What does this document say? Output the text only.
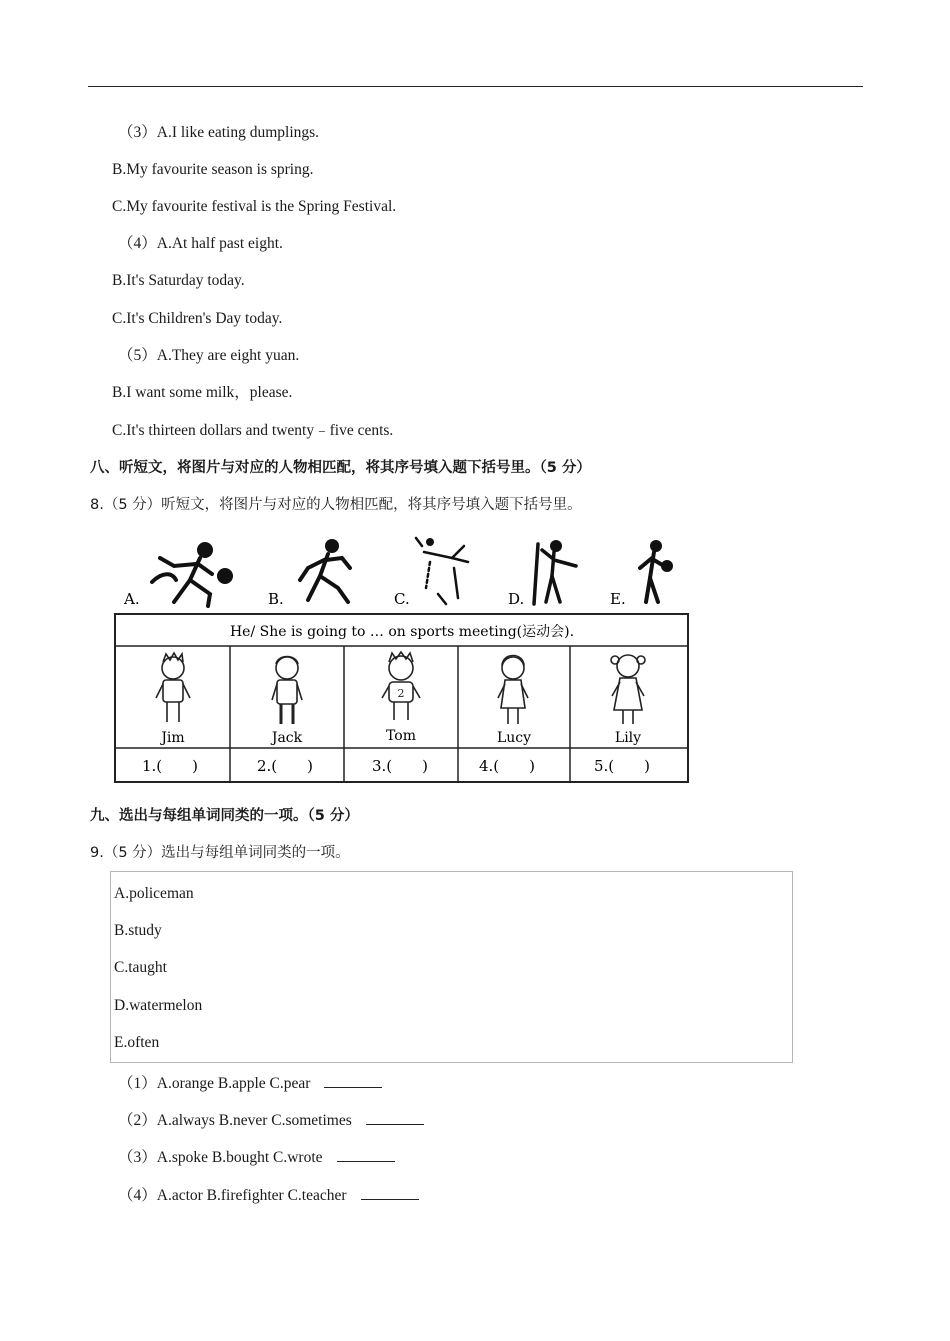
（3）A.I like eating dumplings.
B.My favourite season is spring.
C.My favourite festival is the Spring Festival.
（4）A.At half past eight.
B.It's Saturday today.
C.It's Children's Day today.
（5）A.They are eight yuan.
B.I want some milk，please.
C.It's thirteen dollars and twenty﹣five cents.
八、听短文，将图片与对应的人物相匹配，将其序号填入题下括号里。（5 分）
8.（5 分）听短文，将图片与对应的人物相匹配，将其序号填入题下括号里。
A.	B.	C.	D.	E.
He/ She is going to … on sports meeting(运动会).
2
Jim	Jack	Tom	Lucy	Lily
1.(　　)	2.(　　)	3.(　　)	4.(　　)	5.(　　)
九、选出与每组单词同类的一项。（5 分）
9.（5 分）选出与每组单词同类的一项。
A.policeman
B.study
C.taught
D.watermelon
E.often
（1）A.orange B.apple C.pear
（2）A.always B.never C.sometimes
（3）A.spoke B.bought C.wrote
（4）A.actor B.firefighter C.teacher
